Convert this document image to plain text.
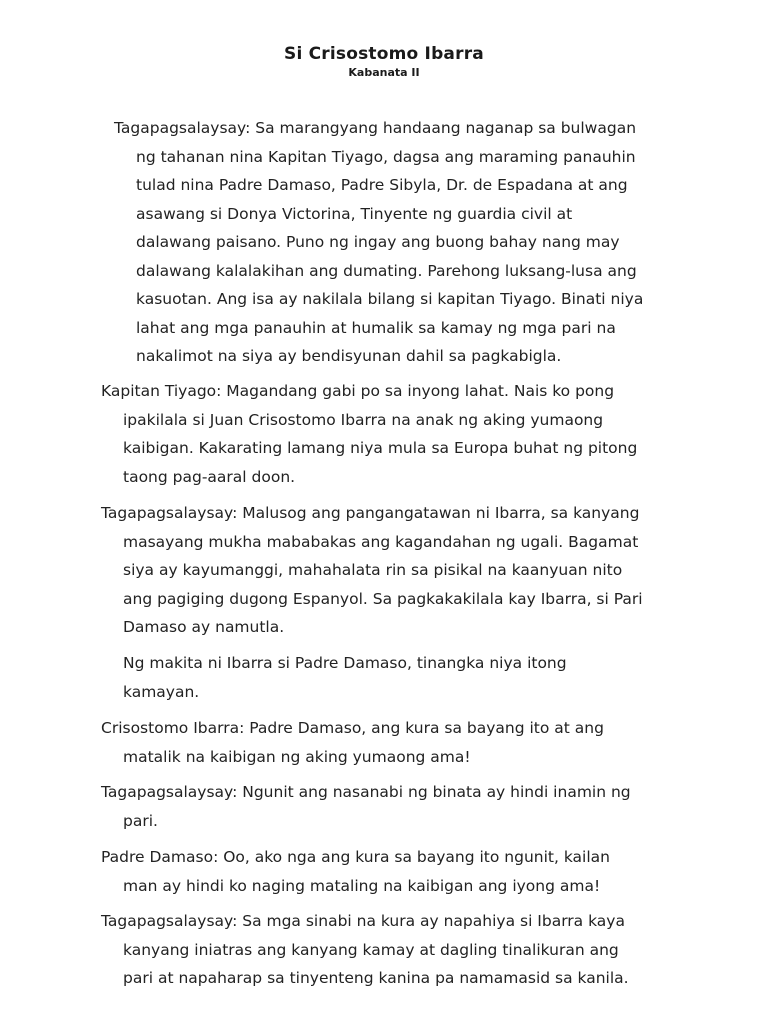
Si Crisostomo Ibarra
Kabanata II
Tagapagsalaysay: Sa marangyang handaang naganap sa bulwagan
ng tahanan nina Kapitan Tiyago, dagsa ang maraming panauhin
tulad nina Padre Damaso, Padre Sibyla, Dr. de Espadana at ang
asawang si Donya Victorina, Tinyente ng guardia civil at
dalawang paisano. Puno ng ingay ang buong bahay nang may
dalawang kalalakihan ang dumating. Parehong luksang-lusa ang
kasuotan. Ang isa ay nakilala bilang si kapitan Tiyago. Binati niya
lahat ang mga panauhin at humalik sa kamay ng mga pari na
nakalimot na siya ay bendisyunan dahil sa pagkabigla.
Kapitan Tiyago: Magandang gabi po sa inyong lahat. Nais ko pong
ipakilala si Juan Crisostomo Ibarra na anak ng aking yumaong
kaibigan. Kakarating lamang niya mula sa Europa buhat ng pitong
taong pag-aaral doon.
Tagapagsalaysay: Malusog ang pangangatawan ni Ibarra, sa kanyang
masayang mukha mababakas ang kagandahan ng ugali. Bagamat
siya ay kayumanggi, mahahalata rin sa pisikal na kaanyuan nito
ang pagiging dugong Espanyol. Sa pagkakakilala kay Ibarra, si Pari
Damaso ay namutla.
Ng makita ni Ibarra si Padre Damaso, tinangka niya itong
kamayan.
Crisostomo Ibarra: Padre Damaso, ang kura sa bayang ito at ang
matalik na kaibigan ng aking yumaong ama!
Tagapagsalaysay: Ngunit ang nasanabi ng binata ay hindi inamin ng
pari.
Padre Damaso: Oo, ako nga ang kura sa bayang ito ngunit, kailan
man ay hindi ko naging mataling na kaibigan ang iyong ama!
Tagapagsalaysay: Sa mga sinabi na kura ay napahiya si Ibarra kaya
kanyang iniatras ang kanyang kamay at dagling tinalikuran ang
pari at napaharap sa tinyenteng kanina pa namamasid sa kanila.
